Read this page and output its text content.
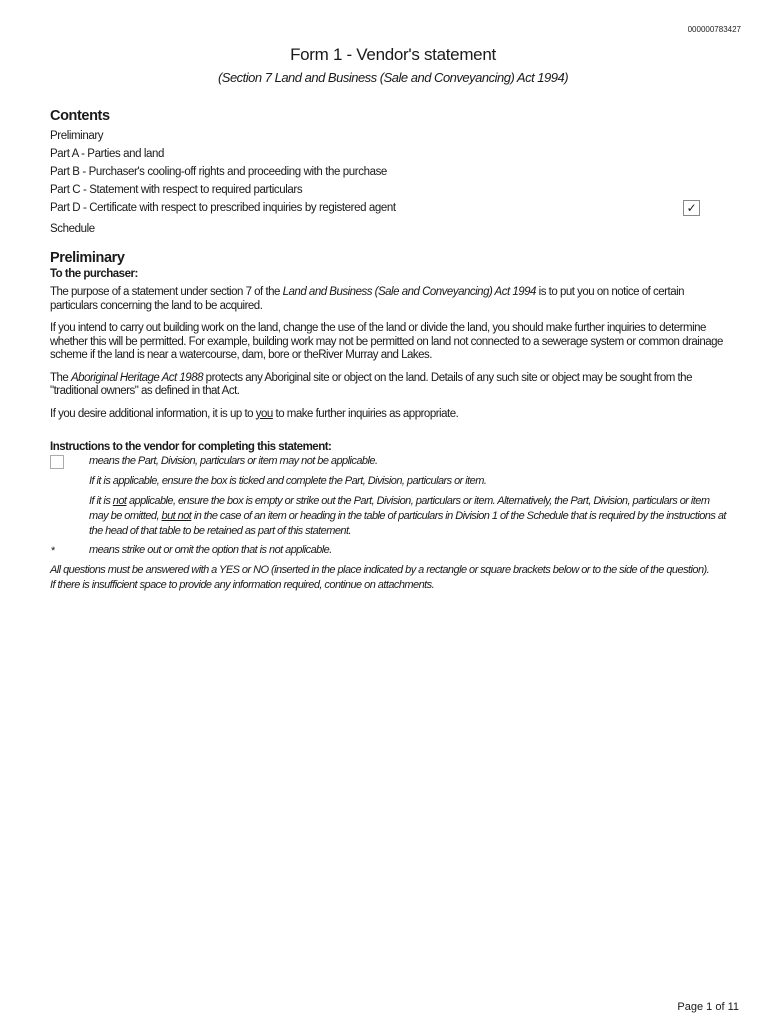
000000783427
Form 1 - Vendor's statement
(Section 7 Land and Business (Sale and Conveyancing) Act 1994)
Contents
Preliminary
Part A - Parties and land
Part B - Purchaser's cooling-off rights and proceeding with the purchase
Part C - Statement with respect to required particulars
Part D - Certificate with respect to prescribed inquiries by registered agent	✓
Schedule
Preliminary
To the purchaser:

The purpose of a statement under section 7 of the Land and Business (Sale and Conveyancing) Act 1994 is to put you on notice of certain particulars concerning the land to be acquired.

If you intend to carry out building work on the land, change the use of the land or divide the land, you should make further inquiries to determine whether this will be permitted. For example, building work may not be permitted on land not connected to a sewerage system or common drainage scheme if the land is near a watercourse, dam, bore or theRiver Murray and Lakes.

The Aboriginal Heritage Act 1988 protects any Aboriginal site or object on the land. Details of any such site or object may be sought from the "traditional owners" as defined in that Act.

If you desire additional information, it is up to you to make further inquiries as appropriate.

Instructions to the vendor for completing this statement:
means the Part, Division, particulars or item may not be applicable.
If it is applicable, ensure the box is ticked and complete the Part, Division, particulars or item.
If it is not applicable, ensure the box is empty or strike out the Part, Division, particulars or item. Alternatively, the Part, Division, particulars or item may be omitted, but not in the case of an item or heading in the table of particulars in Division 1 of the Schedule that is required by the instructions at the head of that table to be retained as part of this statement.
*	means strike out or omit the option that is not applicable.
All questions must be answered with a YES or NO (inserted in the place indicated by a rectangle or square brackets below or to the side of the question).
If there is insufficient space to provide any information required, continue on attachments.
Page 1 of 11
